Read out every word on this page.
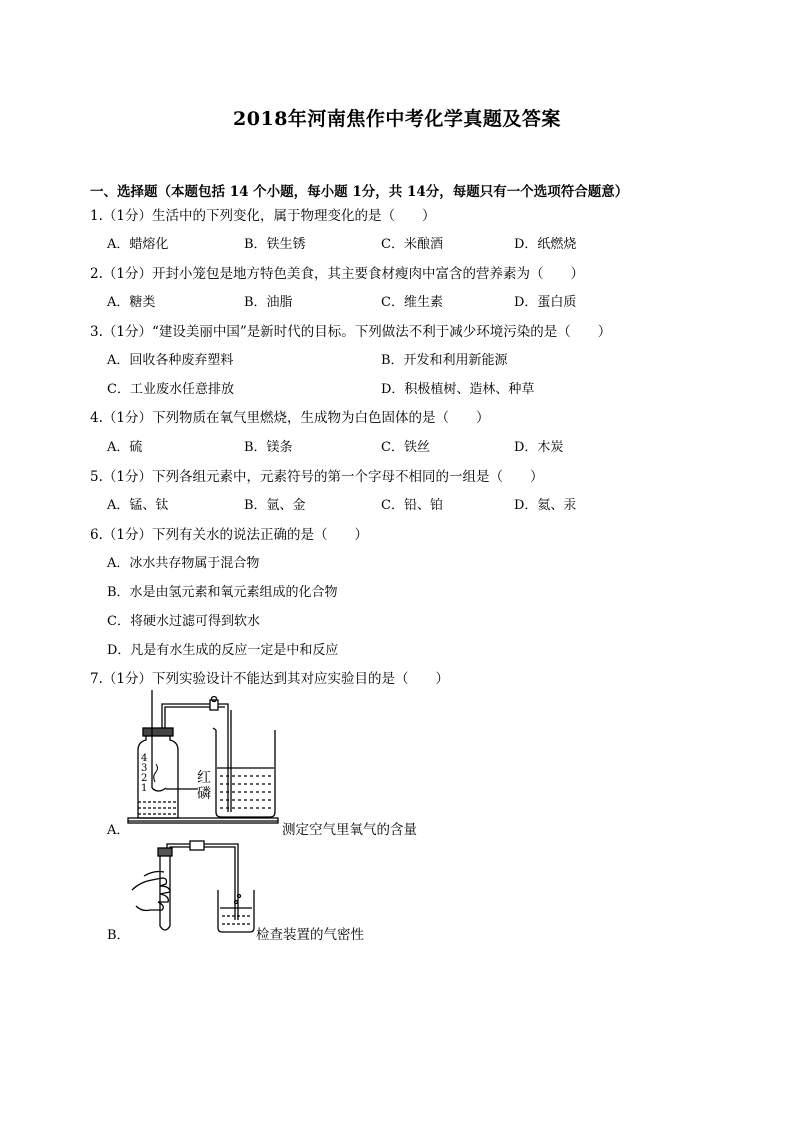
2018年河南焦作中考化学真题及答案
一、选择题（本题包括 14 个小题，每小题 1分，共 14分，每题只有一个选项符合题意）
1.（1分）生活中的下列变化，属于物理变化的是（　　）
A．蜡熔化	B．铁生锈	C．米酿酒	D．纸燃烧
2.（1分）开封小笼包是地方特色美食，其主要食材瘦肉中富含的营养素为（　　）
A．糖类	B．油脂	C．维生素	D．蛋白质
3.（1分）“建设美丽中国”是新时代的目标。下列做法不利于减少环境污染的是（　　）
A．回收各种废弃塑料	B．开发和利用新能源
C．工业废水任意排放	D．积极植树、造林、种草
4.（1分）下列物质在氧气里燃烧，生成物为白色固体的是（　　）
A．硫	B．镁条	C．铁丝	D．木炭
5.（1分）下列各组元素中，元素符号的第一个字母不相同的一组是（　　）
A．锰、钛	B．氩、金	C．铅、铂	D．氦、汞
6.（1分）下列有关水的说法正确的是（　　）
A．冰水共存物属于混合物
B．水是由氢元素和氧元素组成的化合物
C．将硬水过滤可得到软水
D．凡是有水生成的反应一定是中和反应
7.（1分）下列实验设计不能达到其对应实验目的是（　　）
A．
B．
4
3
2
1
红磷
测定空气里氧气的含量
检查装置的气密性
